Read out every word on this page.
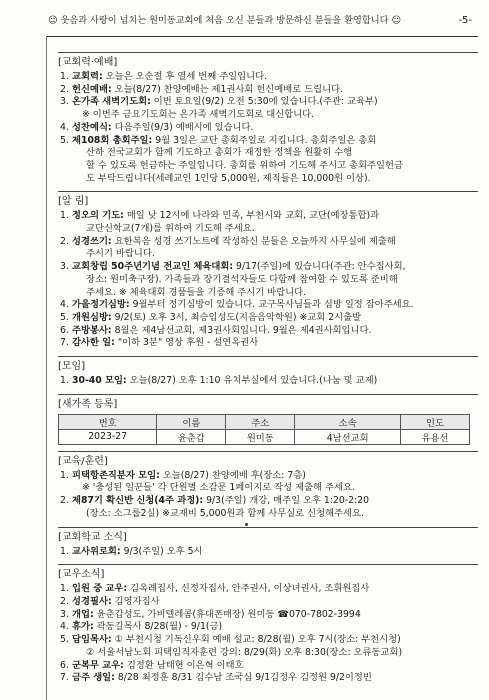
☺ 웃음과 사랑이 넘치는 원미동교회에 처음 오신 분들과 방문하신 분들을 환영합니다 ☺	-5-
[교회력·예배]
1. 교회력: 오늘은 오순절 후 열세 번째 주일입니다.
2. 헌신예배: 오늘(8/27) 찬양예배는 제1권사회 헌신예배로 드립니다.
3. 온가족 새벽기도회: 이번 토요일(9/2) 오전 5:30에 있습니다.(주관: 교육부)
※ 이번주 금요기도회는 온가족 새벽기도회로 대신합니다.
4. 성찬예식: 다음주일(9/3) 예배시에 있습니다.
5. 제108회 총회주일: 9월 3일은 교단 총회주일로 지킵니다. 총회주일은 총회
산하 전국교회가 함께 기도하고 총회가 재정한 정책을 원활히 수행
할 수 있도록 헌금하는 주일입니다. 총회를 위하여 기도해 주시고 총회주일헌금
도 부탁드립니다(세례교인 1인당 5,000원, 제직들은 10,000원 이상).
[알 림]
1. 정오의 기도: 매일 낮 12시에 나라와 민족, 부천시와 교회, 교단(예장통합)과
교단신학교(7개)를 위하여 기도해 주세요.
2. 성경쓰기: 요한복음 성경 쓰기노트에 작성하신 분들은 오늘까지 사무실에 제출해
주시기 바랍니다.
3. 교회창립 50주년기념 전교인 체육대회: 9/17(주일)에 있습니다(주관: 안수집사회,
장소: 원미축구장). 가족들과 장기결석자들도 다함께 참여할 수 있도록 준비해
주세요. ※ 체육대회 경품들을 기증해 주시기 바랍니다.
4. 가을정기심방: 9월부터 정기심방이 있습니다. 교구목사님들과 심방 일정 잡아주세요.
5. 개원심방: 9/2(토) 오후 3시, 최승임성도(지음음악학원) ※교회 2시출발
6. 주방봉사: 8월은 제4남선교회, 제3권사회입니다. 9월은 제4권사회입니다.
7. 감사한 일: "이하 3분" 영상 후원 - 설연옥권사
[모임]
1. 30-40 모임: 오늘(8/27) 오후 1:10 유치부실에서 있습니다.(나눔 및 교제)
[새가족 등록]
번호	이름	주소	소속	인도
2023-27	윤춘갑	원미동	4남선교회	유용선
[교육/훈련]
1. 피택항존직분자 모임: 오늘(8/27) 찬양예배 후(장소: 7층)
※ '충성된 일꾼들' 각 단원별 소감문 1페이지로 작성 제출해 주세요.
2. 제87기 확신반 신청(4주 과정): 9/3(주일) 개강, 매주일 오후 1:20-2:20
(장소: 소그룹2실) ※교재비 5,000원과 함께 사무실로 신청해주세요.
[교회학교 소식]
1. 교사위로회: 9/3(주일) 오후 5시
[교우소식]
1. 입원 중 교우: 김옥례집사, 신정자집사, 안주권사, 이상녀권사, 조휘원집사
2. 성경필사: 김영자집사
3. 개업: 윤춘갑성도, 가비텔레콤(휴대폰매장) 원미동 ☎070-7802-3994
4. 휴가: 곽동길목사 8/28(월) - 9/1(금)
5. 담임목사: ① 부천시청 기독신우회 예배 설교: 8/28(월) 오후 7시(장소: 부천시청)
② 서울서남노회 피택임직자훈련 강의: 8/29(화) 오후 8:30(장소: 오류동교회)
6. 군복무 교우: 김정환 남태현 이은혁 이태호
7. 금주 생일: 8/28 최정훈 8/31 김수남 조국심 9/1김정우 김정원 9/2이정빈
